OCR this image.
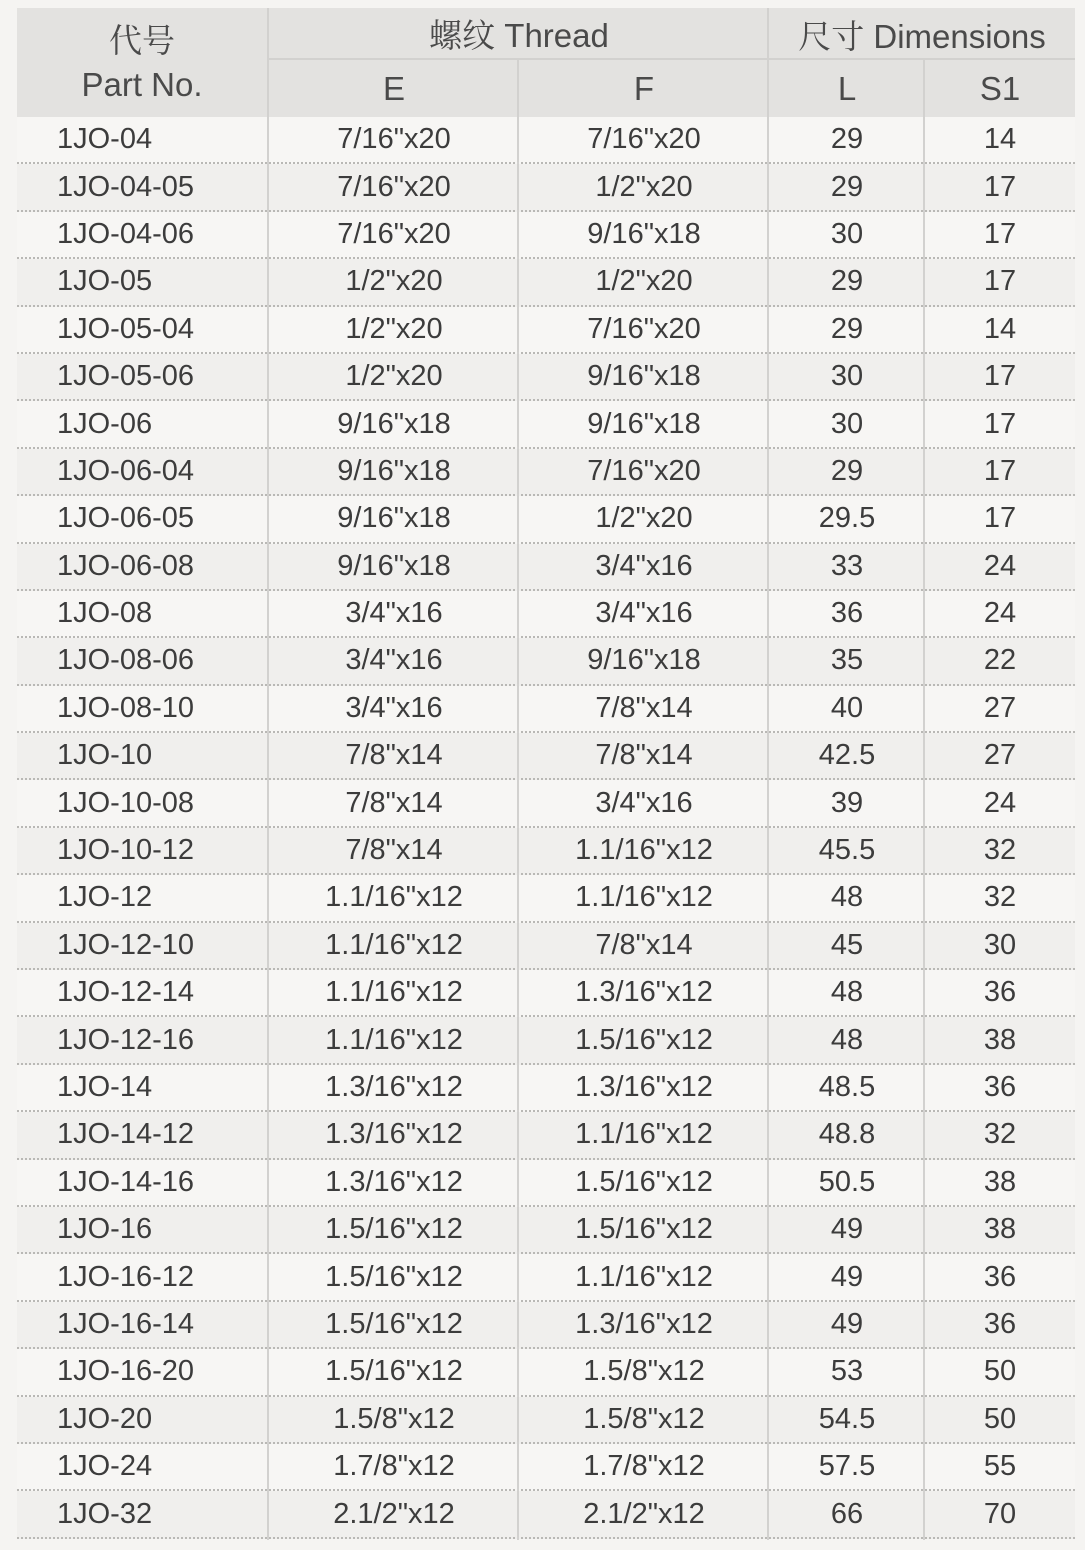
代号
Part No.
螺纹 Thread	尺寸 Dimensions
E	F	L	S1
1JO-04	7/16"x20	7/16"x20	29	14
1JO-04-05	7/16"x20	1/2"x20	29	17
1JO-04-06	7/16"x20	9/16"x18	30	17
1JO-05	1/2"x20	1/2"x20	29	17
1JO-05-04	1/2"x20	7/16"x20	29	14
1JO-05-06	1/2"x20	9/16"x18	30	17
1JO-06	9/16"x18	9/16"x18	30	17
1JO-06-04	9/16"x18	7/16"x20	29	17
1JO-06-05	9/16"x18	1/2"x20	29.5	17
1JO-06-08	9/16"x18	3/4"x16	33	24
1JO-08	3/4"x16	3/4"x16	36	24
1JO-08-06	3/4"x16	9/16"x18	35	22
1JO-08-10	3/4"x16	7/8"x14	40	27
1JO-10	7/8"x14	7/8"x14	42.5	27
1JO-10-08	7/8"x14	3/4"x16	39	24
1JO-10-12	7/8"x14	1.1/16"x12	45.5	32
1JO-12	1.1/16"x12	1.1/16"x12	48	32
1JO-12-10	1.1/16"x12	7/8"x14	45	30
1JO-12-14	1.1/16"x12	1.3/16"x12	48	36
1JO-12-16	1.1/16"x12	1.5/16"x12	48	38
1JO-14	1.3/16"x12	1.3/16"x12	48.5	36
1JO-14-12	1.3/16"x12	1.1/16"x12	48.8	32
1JO-14-16	1.3/16"x12	1.5/16"x12	50.5	38
1JO-16	1.5/16"x12	1.5/16"x12	49	38
1JO-16-12	1.5/16"x12	1.1/16"x12	49	36
1JO-16-14	1.5/16"x12	1.3/16"x12	49	36
1JO-16-20	1.5/16"x12	1.5/8"x12	53	50
1JO-20	1.5/8"x12	1.5/8"x12	54.5	50
1JO-24	1.7/8"x12	1.7/8"x12	57.5	55
1JO-32	2.1/2"x12	2.1/2"x12	66	70
